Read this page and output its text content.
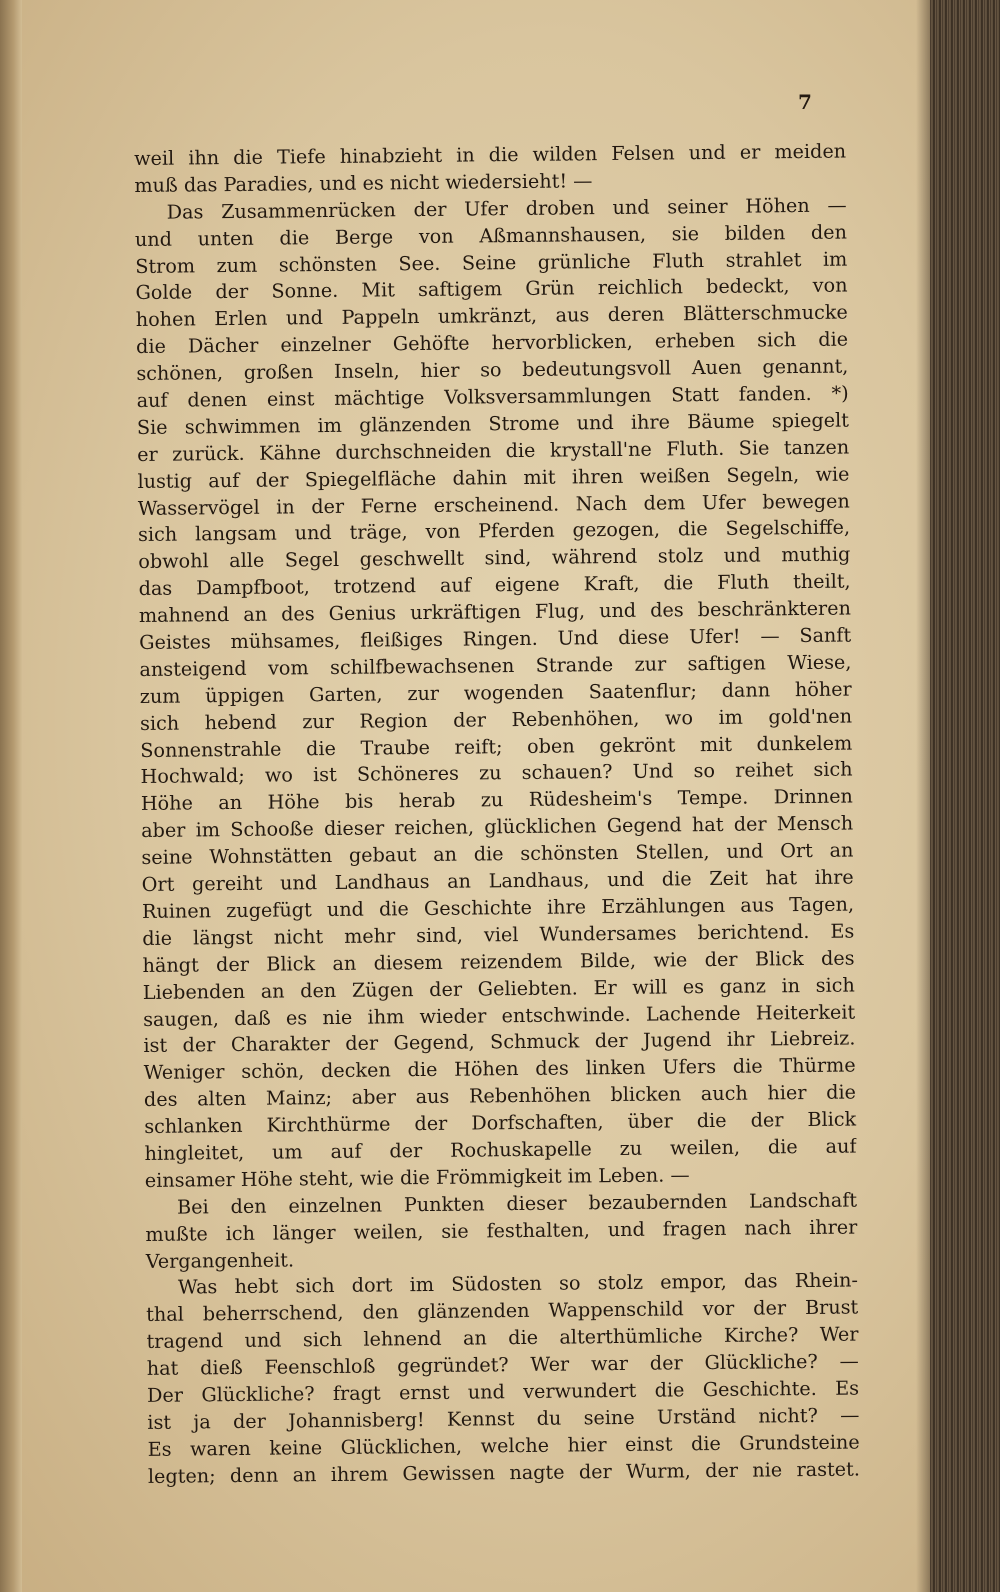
7
weil ihn die Tiefe hinabzieht in die wilden Felsen und er meiden
muß das Paradies, und es nicht wiedersieht! —
Das Zusammenrücken der Ufer droben und seiner Höhen —
und unten die Berge von Aßmannshausen, sie bilden den
Strom zum schönsten See. Seine grünliche Fluth strahlet im
Golde der Sonne. Mit saftigem Grün reichlich bedeckt, von
hohen Erlen und Pappeln umkränzt, aus deren Blätterschmucke
die Dächer einzelner Gehöfte hervorblicken, erheben sich die
schönen, großen Inseln, hier so bedeutungsvoll Auen genannt,
auf denen einst mächtige Volksversammlungen Statt fanden. *)
Sie schwimmen im glänzenden Strome und ihre Bäume spiegelt
er zurück. Kähne durchschneiden die krystall'ne Fluth. Sie tanzen
lustig auf der Spiegelfläche dahin mit ihren weißen Segeln, wie
Wasservögel in der Ferne erscheinend. Nach dem Ufer bewegen
sich langsam und träge, von Pferden gezogen, die Segelschiffe,
obwohl alle Segel geschwellt sind, während stolz und muthig
das Dampfboot, trotzend auf eigene Kraft, die Fluth theilt,
mahnend an des Genius urkräftigen Flug, und des beschränkteren
Geistes mühsames, fleißiges Ringen. Und diese Ufer! — Sanft
ansteigend vom schilfbewachsenen Strande zur saftigen Wiese,
zum üppigen Garten, zur wogenden Saatenflur; dann höher
sich hebend zur Region der Rebenhöhen, wo im gold'nen
Sonnenstrahle die Traube reift; oben gekrönt mit dunkelem
Hochwald; wo ist Schöneres zu schauen? Und so reihet sich
Höhe an Höhe bis herab zu Rüdesheim's Tempe. Drinnen
aber im Schooße dieser reichen, glücklichen Gegend hat der Mensch
seine Wohnstätten gebaut an die schönsten Stellen, und Ort an
Ort gereiht und Landhaus an Landhaus, und die Zeit hat ihre
Ruinen zugefügt und die Geschichte ihre Erzählungen aus Tagen,
die längst nicht mehr sind, viel Wundersames berichtend. Es
hängt der Blick an diesem reizendem Bilde, wie der Blick des
Liebenden an den Zügen der Geliebten. Er will es ganz in sich
saugen, daß es nie ihm wieder entschwinde. Lachende Heiterkeit
ist der Charakter der Gegend, Schmuck der Jugend ihr Liebreiz.
Weniger schön, decken die Höhen des linken Ufers die Thürme
des alten Mainz; aber aus Rebenhöhen blicken auch hier die
schlanken Kirchthürme der Dorfschaften, über die der Blick
hingleitet, um auf der Rochuskapelle zu weilen, die auf
einsamer Höhe steht, wie die Frömmigkeit im Leben. —
Bei den einzelnen Punkten dieser bezaubernden Landschaft
mußte ich länger weilen, sie festhalten, und fragen nach ihrer
Vergangenheit.
Was hebt sich dort im Südosten so stolz empor, das Rhein-
thal beherrschend, den glänzenden Wappenschild vor der Brust
tragend und sich lehnend an die alterthümliche Kirche? Wer
hat dieß Feenschloß gegründet? Wer war der Glückliche? —
Der Glückliche? fragt ernst und verwundert die Geschichte. Es
ist ja der Johannisberg! Kennst du seine Urständ nicht? —
Es waren keine Glücklichen, welche hier einst die Grundsteine
legten; denn an ihrem Gewissen nagte der Wurm, der nie rastet.
